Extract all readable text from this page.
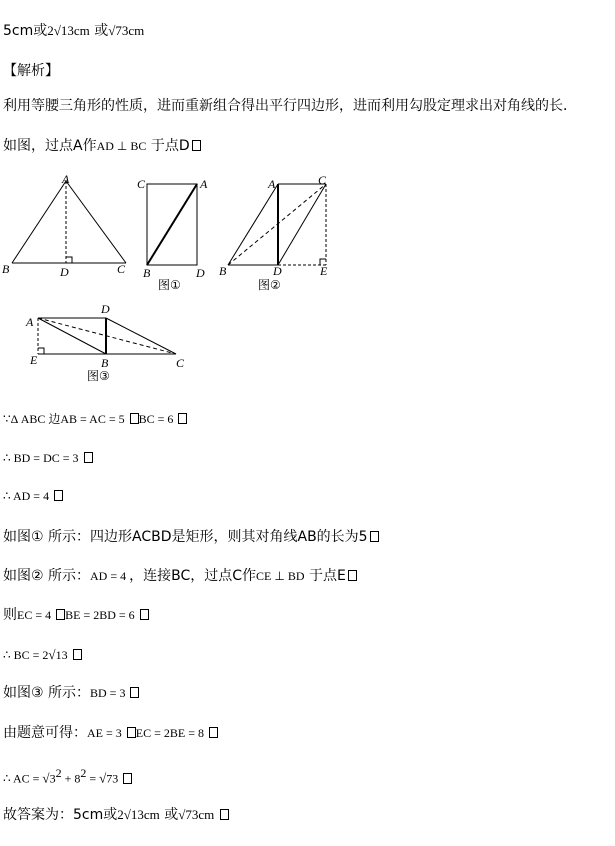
5cm或2√13cm 或√73cm
【解析】
利用等腰三角形的性质，进而重新组合得出平行四边形，进而利用勾股定理求出对角线的长．
如图，过点A作AD ⊥ BC 于点D
A
B	D	C
C	A
B	D
图①
A	C
B	D	E
图②
A
D
E	B	C
图③
∵Δ ABC 边AB = AC = 5 BC = 6
∴ BD = DC = 3
∴ AD = 4
如图① 所示：四边形ACBD是矩形，则其对角线AB的长为5
如图② 所示：AD = 4 ，连接BC，过点C作CE ⊥ BD 于点E
则EC = 4 BE = 2BD = 6
∴ BC = 2√13
如图③ 所示：BD = 3
由题意可得：AE = 3 EC = 2BE = 8
∴ AC = $√3^2 + 8^2 = √73$
故答案为：5cm或2√13cm 或√73cm
